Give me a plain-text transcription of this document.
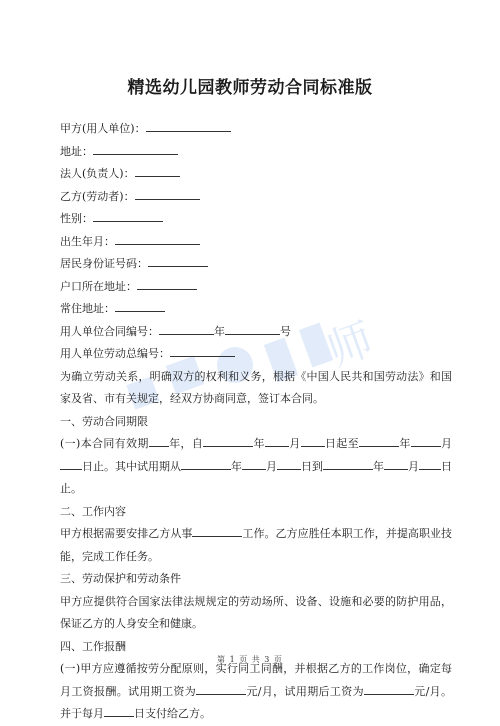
师
精选幼儿园教师劳动合同标准版
甲方(用人单位)：
地址：
法人(负责人)：
乙方(劳动者)：
性别：
出生年月：
居民身份证号码：
户口所在地址：
常住地址：
用人单位合同编号：	年	号
用人单位劳动总编号：
为确立劳动关系，明确双方的权利和义务，根据《中国人民共和国劳动法》和国家及省、市有关规定，经双方协商同意，签订本合同。
一、劳动合同期限
(一)本合同有效期 年，自	年 月 日起至	年	月日止。其中试用期从	年 月 日到	年 月 日止。
二、工作内容
甲方根据需要安排乙方从事	工作。乙方应胜任本职工作，并提高职业技能，完成工作任务。
三、劳动保护和劳动条件
甲方应提供符合国家法律法规规定的劳动场所、设备、设施和必要的防护用品，保证乙方的人身安全和健康。
四、工作报酬
(一)甲方应遵循按劳分配原则，实行同工同酬，并根据乙方的工作岗位，确定每月工资报酬。试用期工资为	元/月，试用期后工资为	元/月。并于每月	日支付给乙方。
第 1 页 共 3 页
